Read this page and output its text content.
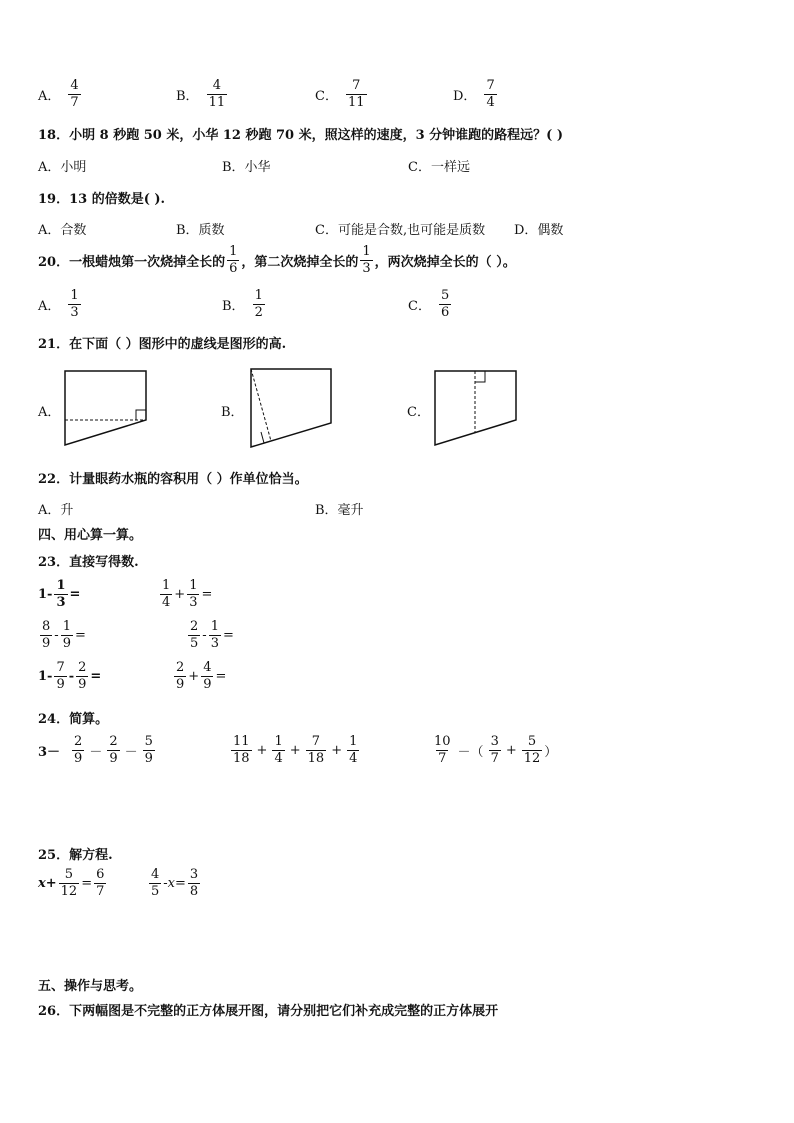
A． $\frac{4}{7}$	B． $\frac{4}{11}$	C． $\frac{7}{11}$	D． $\frac{7}{4}$
18．小明 8 秒跑 50 米，小华 12 秒跑 70 米，照这样的速度，3 分钟谁跑的路程远？( )
A．小明	B．小华	C．一样远
19．13 的倍数是( ).
A．合数	B．质数	C．可能是合数,也可能是质数	D．偶数
20．一根蜡烛第一次烧掉全长的 $\frac{1}{6}$ ，第二次烧掉全长的 $\frac{1}{3}$ ，两次烧掉全长的（ ）。
A． $\frac{1}{3}$	B． $\frac{1}{2}$	C． $\frac{5}{6}$
21．在下面（ ）图形中的虚线是图形的高.
A．	B．	C．
22．计量眼药水瓶的容积用（ ）作单位恰当。
A．升	B．毫升
四、用心算一算。
23．直接写得数.
$1- \frac{1}{3}$ =	$\frac{1}{4} + \frac{1}{3}$ =
$\frac{8}{9} - \frac{1}{9}$ =	$\frac{2}{5} - \frac{1}{3}$ =
$1- \frac{7}{9} - \frac{2}{9}$ =	$\frac{2}{9} + \frac{4}{9}$ =
24．简算。
$3- \frac{2}{9} - \frac{2}{9} - \frac{5}{9}$	$\frac{11}{18} + \frac{1}{4} + \frac{7}{18} + \frac{1}{4}$	$\frac{10}{7}$ －（ $\frac{3}{7} + \frac{5}{12}$ ）
25．解方程.
$x+ \frac{5}{12} = \frac{6}{7}$	$\frac{4}{5} -x= \frac{3}{8}$
五、操作与思考。
26．下两幅图是不完整的正方体展开图，请分别把它们补充成完整的正方体展开
